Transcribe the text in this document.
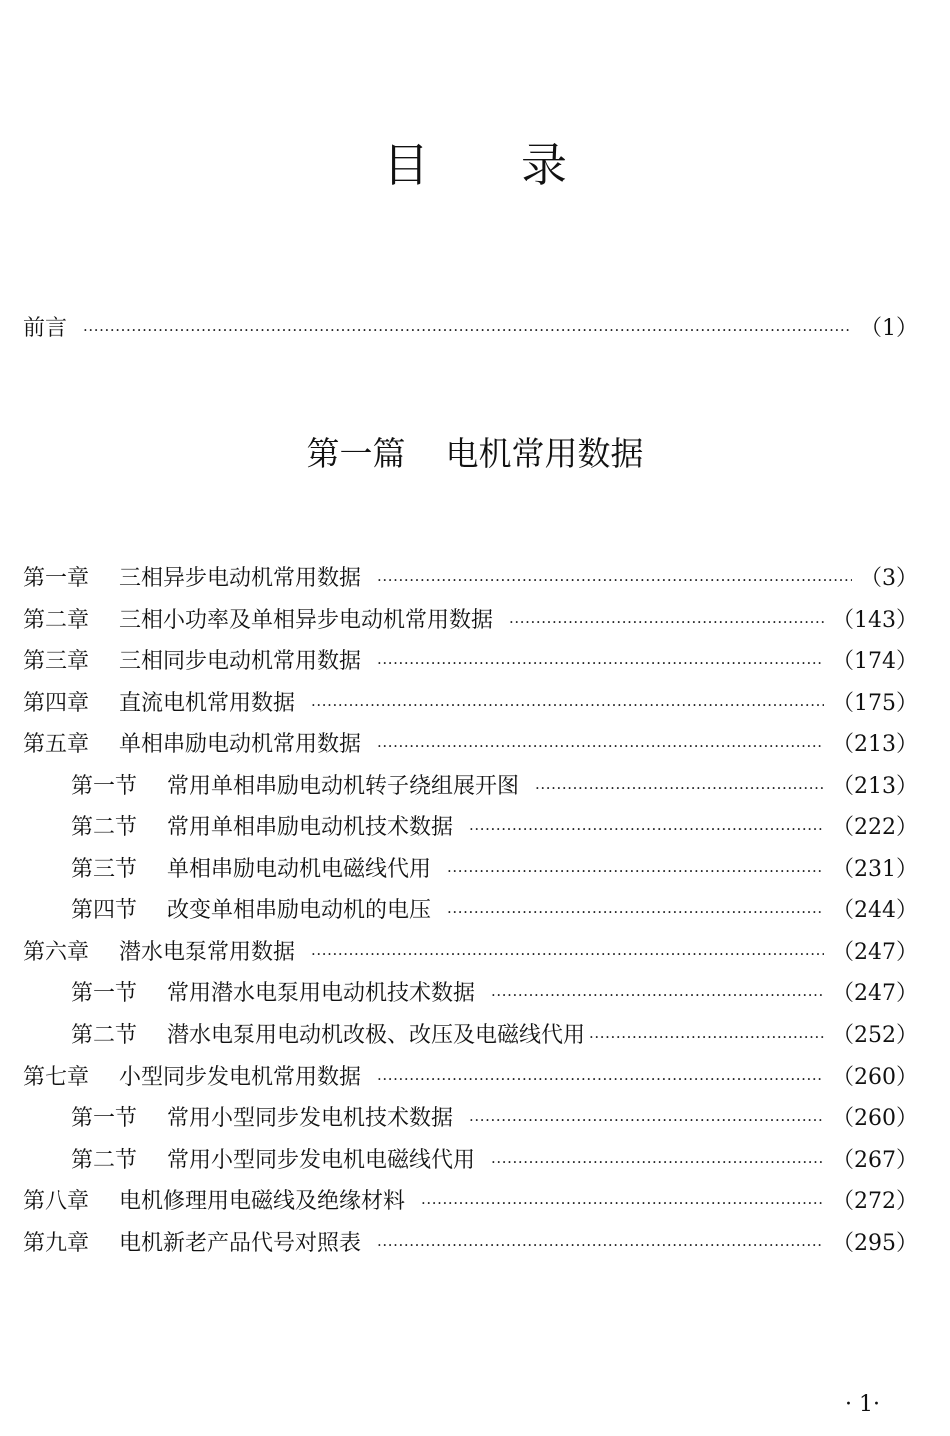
目 录
前言 ·····	（1）
第一篇 电机常用数据
第一章	三相异步电动机常用数据 ·····	（3）
第二章	三相小功率及单相异步电动机常用数据 ·····	（143）
第三章	三相同步电动机常用数据 ·····	（174）
第四章	直流电机常用数据 ·····	（175）
第五章	单相串励电动机常用数据 ·····	（213）
第一节	常用单相串励电动机转子绕组展开图 ·····	（213）
第二节	常用单相串励电动机技术数据 ·····	（222）
第三节	单相串励电动机电磁线代用 ·····	（231）
第四节	改变单相串励电动机的电压 ·····	（244）
第六章	潜水电泵常用数据 ·····	（247）
第一节	常用潜水电泵用电动机技术数据 ·····	（247）
第二节	潜水电泵用电动机改极、改压及电磁线代用 ·····	（252）
第七章	小型同步发电机常用数据 ·····	（260）
第一节	常用小型同步发电机技术数据 ·····	（260）
第二节	常用小型同步发电机电磁线代用 ·····	（267）
第八章	电机修理用电磁线及绝缘材料 ·····	（272）
第九章	电机新老产品代号对照表 ·····	（295）
· 1·
